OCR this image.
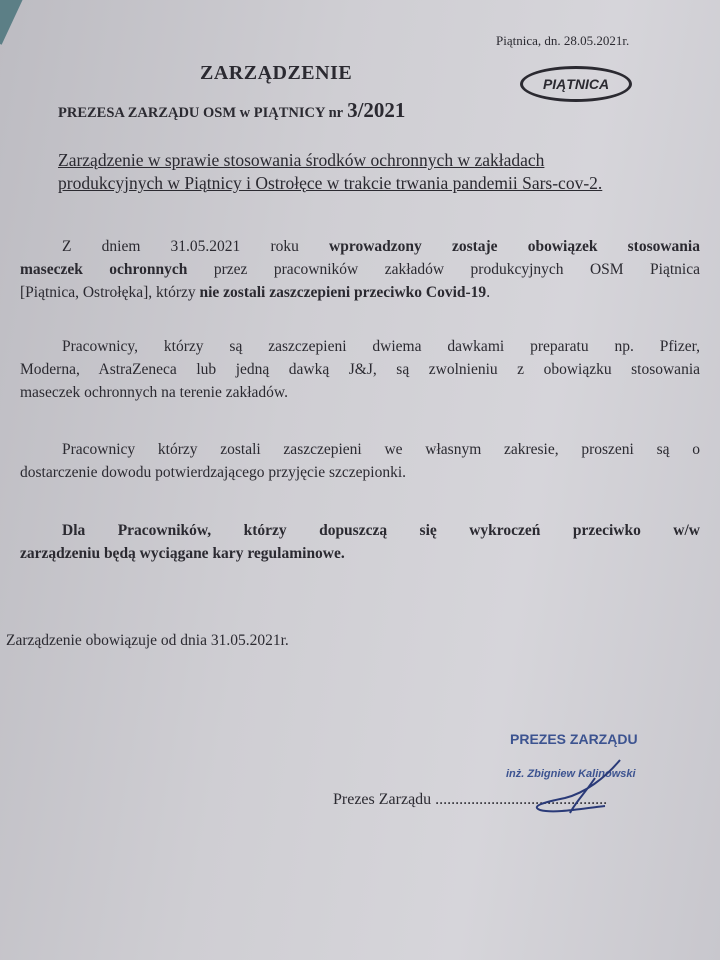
Piątnica, dn. 28.05.2021r.
ZARZĄDZENIE
PREZESA ZARZĄDU OSM w PIĄTNICY nr 3/2021
PIĄTNICA
Zarządzenie w sprawie stosowania środków ochronnych w zakładach
produkcyjnych w Piątnicy i Ostrołęce w trakcie trwania pandemii Sars-cov-2.
Z dniem 31.05.2021 roku wprowadzony zostaje obowiązek stosowania
maseczek ochronnych przez pracowników zakładów produkcyjnych OSM Piątnica
[Piątnica, Ostrołęka], którzy nie zostali zaszczepieni przeciwko Covid-19.
Pracownicy, którzy są zaszczepieni dwiema dawkami preparatu np. Pfizer,
Moderna, AstraZeneca lub jedną dawką J&J, są zwolnieniu z obowiązku stosowania
maseczek ochronnych na terenie zakładów.
Pracownicy którzy zostali zaszczepieni we własnym zakresie, proszeni są o
dostarczenie dowodu potwierdzającego przyjęcie szczepionki.
Dla Pracowników, którzy dopuszczą się wykroczeń przeciwko w/w
zarządzeniu będą wyciągane kary regulaminowe.
Zarządzenie obowiązuje od dnia 31.05.2021r.
PREZES ZARZĄDU
inż. Zbigniew Kalinowski
Prezes Zarządu ...........................................
